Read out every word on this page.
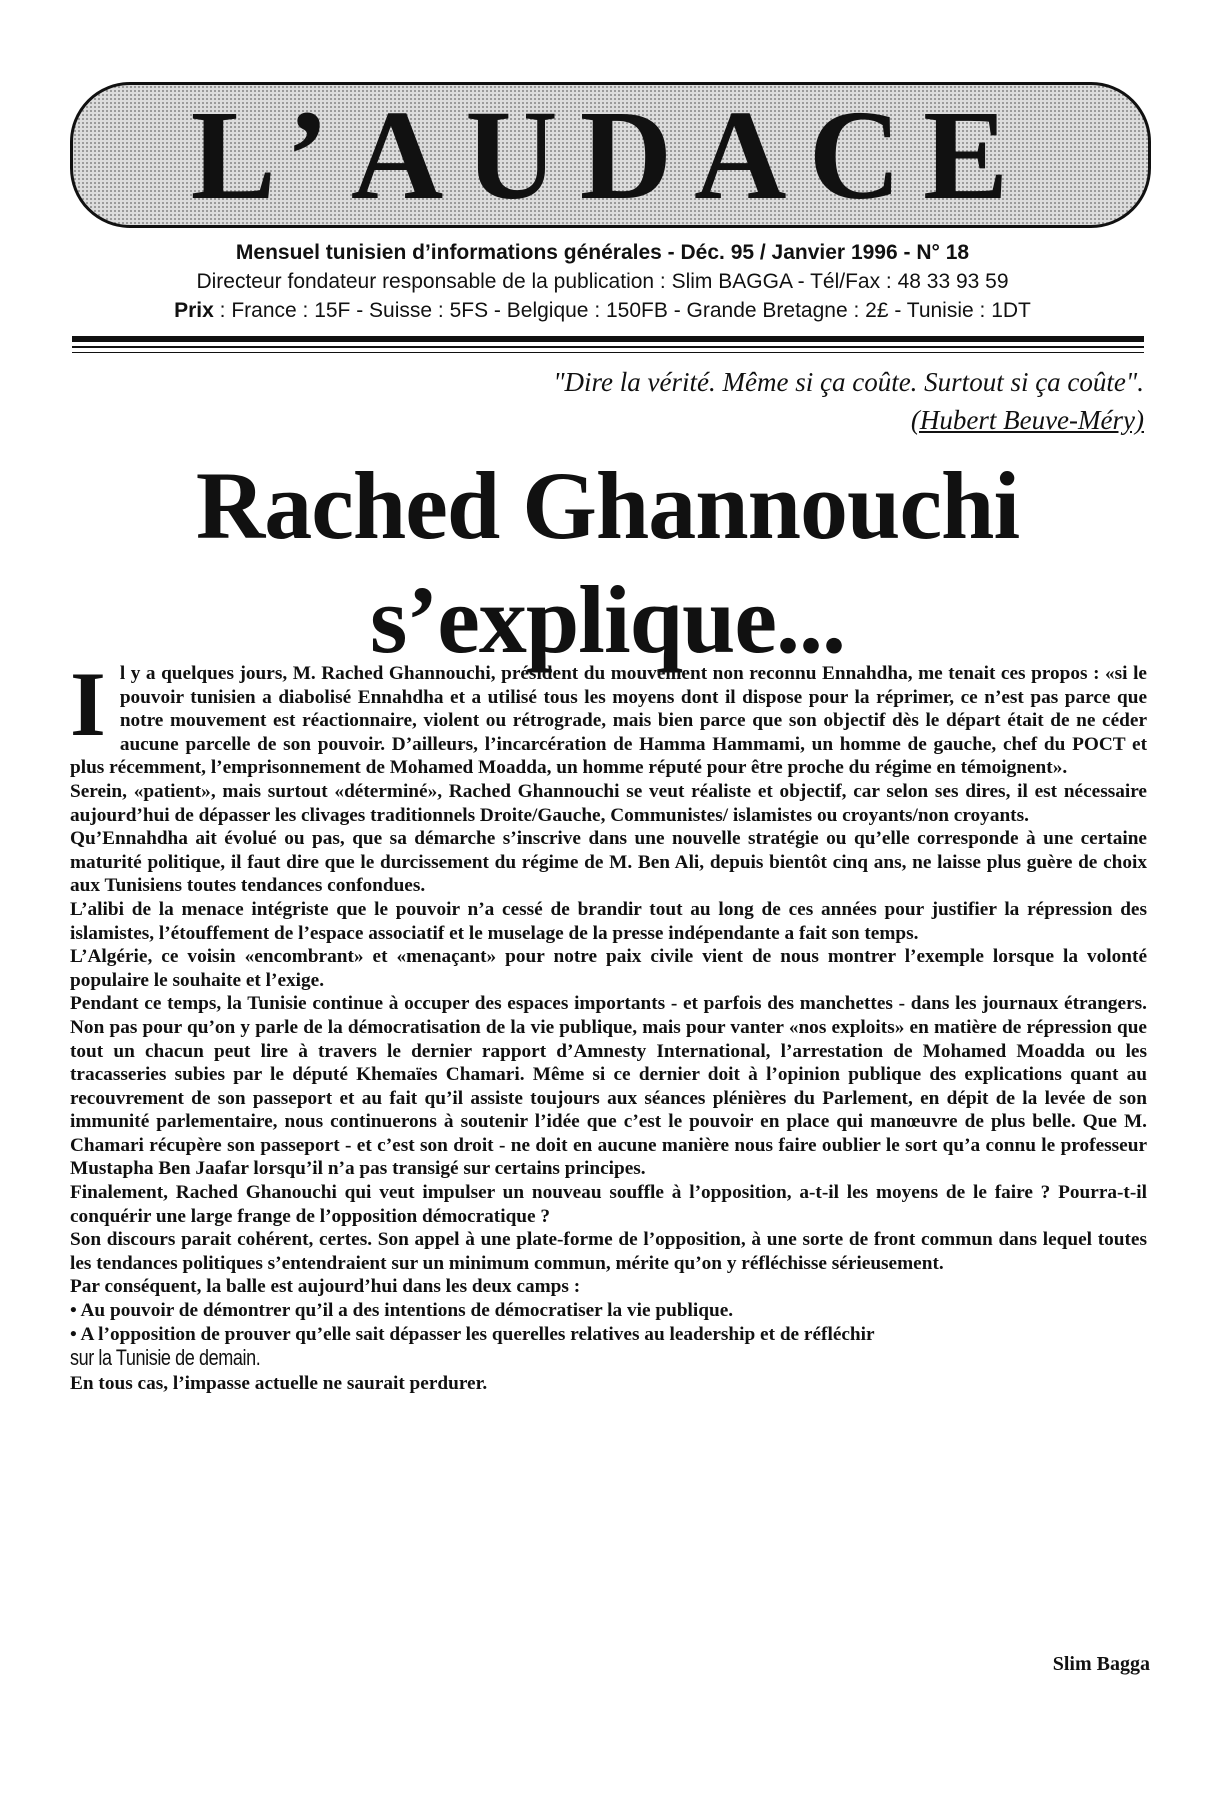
L’AUDACE
Mensuel tunisien d’informations générales - Déc. 95 / Janvier 1996 - N° 18
Directeur fondateur responsable de la publication : Slim BAGGA - Tél/Fax : 48 33 93 59
Prix : France : 15F - Suisse : 5FS - Belgique : 150FB - Grande Bretagne : 2£ - Tunisie : 1DT
"Dire la vérité. Même si ça coûte. Surtout si ça coûte".
(Hubert Beuve-Méry)
Rached Ghannouchi
s’explique...

Il y a quelques jours, M. Rached Ghannouchi, président du mouvement non reconnu Ennahdha, me tenait ces propos : «si le pouvoir tunisien a diabolisé Ennahdha et a utilisé tous les moyens dont il dispose pour la réprimer, ce n’est pas parce que notre mouvement est réactionnaire, violent ou rétrograde, mais bien parce que son objectif dès le départ était de ne céder aucune parcelle de son pouvoir. D’ailleurs, l’incarcération de Hamma Hammami, un homme de gauche, chef du POCT et plus récemment, l’emprisonnement de Mohamed Moadda, un homme réputé pour être proche du régime en témoignent».

Serein, «patient», mais surtout «déterminé», Rached Ghannouchi se veut réaliste et objectif, car selon ses dires, il est nécessaire aujourd’hui de dépasser les clivages traditionnels Droite/Gauche, Communistes/ islamistes ou croyants/non croyants.

Qu’Ennahdha ait évolué ou pas, que sa démarche s’inscrive dans une nouvelle stratégie ou qu’elle corresponde à une certaine maturité politique, il faut dire que le durcissement du régime de M. Ben Ali, depuis bientôt cinq ans, ne laisse plus guère de choix aux Tunisiens toutes tendances confondues.

L’alibi de la menace intégriste que le pouvoir n’a cessé de brandir tout au long de ces années pour justifier la répression des islamistes, l’étouffement de l’espace associatif et le muselage de la presse indépendante a fait son temps.

L’Algérie, ce voisin «encombrant» et «menaçant» pour notre paix civile vient de nous montrer l’exemple lorsque la volonté populaire le souhaite et l’exige.

Pendant ce temps, la Tunisie continue à occuper des espaces importants - et parfois des manchettes - dans les journaux étrangers. Non pas pour qu’on y parle de la démocratisation de la vie publique, mais pour vanter «nos exploits» en matière de répression que tout un chacun peut lire à travers le dernier rapport d’Amnesty International, l’arrestation de Mohamed Moadda ou les tracasseries subies par le député Khemaïes Chamari. Même si ce dernier doit à l’opinion publique des explications quant au recouvrement de son passeport et au fait qu’il assiste toujours aux séances plénières du Parlement, en dépit de la levée de son immunité parlementaire, nous continuerons à soutenir l’idée que c’est le pouvoir en place qui manœuvre de plus belle. Que M. Chamari récupère son passeport - et c’est son droit - ne doit en aucune manière nous faire oublier le sort qu’a connu le professeur Mustapha Ben Jaafar lorsqu’il n’a pas transigé sur certains principes.

Finalement, Rached Ghanouchi qui veut impulser un nouveau souffle à l’opposition, a-t-il les moyens de le faire ? Pourra-t-il conquérir une large frange de l’opposition démocratique ?

Son discours parait cohérent, certes. Son appel à une plate-forme de l’opposition, à une sorte de front commun dans lequel toutes les tendances politiques s’entendraient sur un minimum commun, mérite qu’on y réfléchisse sérieusement.

Par conséquent, la balle est aujourd’hui dans les deux camps :

• Au pouvoir de démontrer qu’il a des intentions de démocratiser la vie publique.

• A l’opposition de prouver qu’elle sait dépasser les querelles relatives au leadership et de réfléchir

sur la Tunisie de demain.

En tous cas, l’impasse actuelle ne saurait perdurer.

Slim Bagga
